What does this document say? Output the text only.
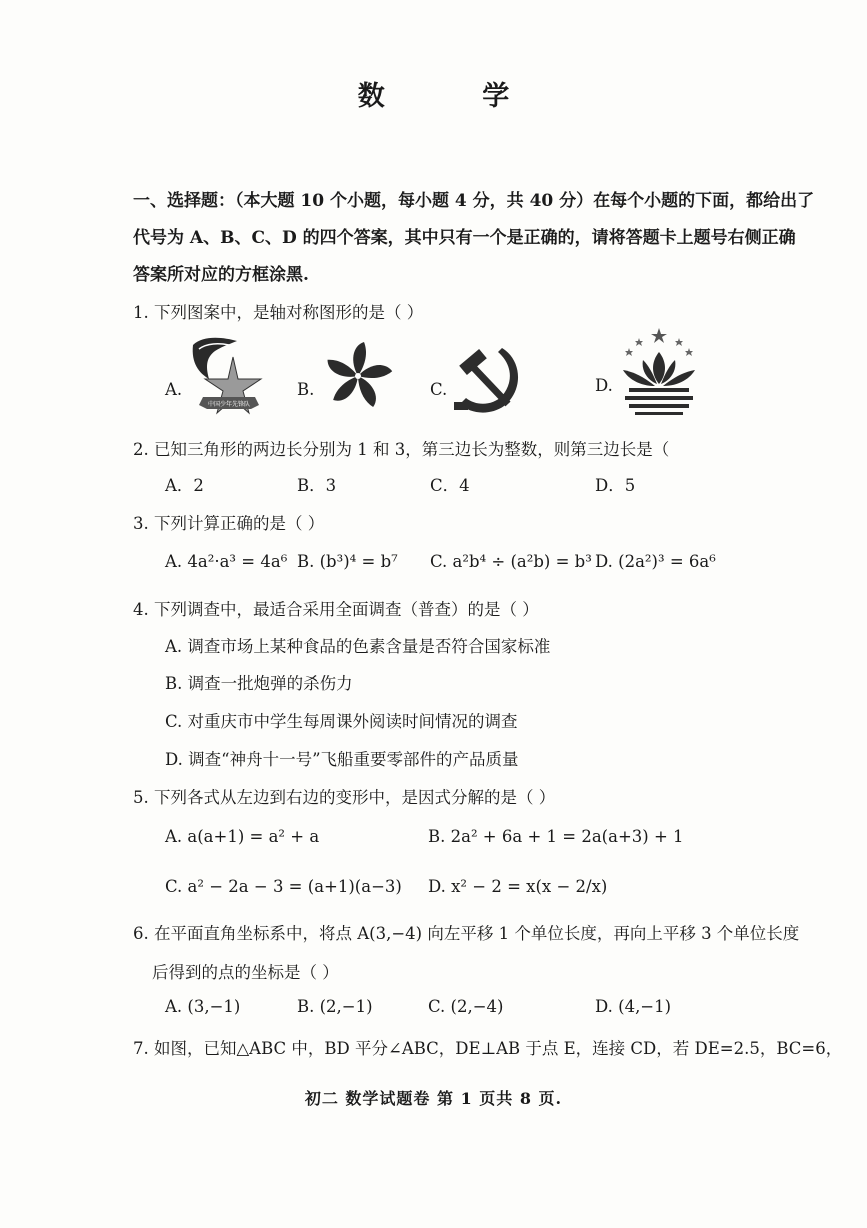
数 学
一、选择题：（本大题 10 个小题，每小题 4 分，共 40 分）在每个小题的下面，都给出了
代号为 A、B、C、D 的四个答案，其中只有一个是正确的，请将答题卡上题号右侧正确
答案所对应的方框涂黑.
1. 下列图案中，是轴对称图形的是（ ）
A.
中国少年先锋队
B.	C.	D.
2. 已知三角形的两边长分别为 1 和 3，第三边长为整数，则第三边长是（
A．2	B．3	C．4	D．5
3. 下列计算正确的是（ ）
A. 4a²·a³ = 4a⁶ B. (b³)⁴ = b⁷ C. a²b⁴ ÷ (a²b) = b³ D. (2a²)³ = 6a⁶
4. 下列调查中，最适合采用全面调查（普查）的是（ ）
A. 调查市场上某种食品的色素含量是否符合国家标准
B. 调查一批炮弹的杀伤力
C. 对重庆市中学生每周课外阅读时间情况的调查
D. 调查“神舟十一号”飞船重要零部件的产品质量
5. 下列各式从左边到右边的变形中，是因式分解的是（ ）
A. a(a+1) = a² + a	B. 2a² + 6a + 1 = 2a(a+3) + 1
C. a² − 2a − 3 = (a+1)(a−3) D. x² − 2 = x(x − 2/x)
6. 在平面直角坐标系中，将点 A(3,−4) 向左平移 1 个单位长度，再向上平移 3 个单位长度
后得到的点的坐标是（ ）
A. (3,−1)	B. (2,−1)	C. (2,−4)	D. (4,−1)
7. 如图，已知△ABC 中，BD 平分∠ABC，DE⊥AB 于点 E，连接 CD，若 DE=2.5，BC=6，
初二 数学试题卷 第 1 页共 8 页.
